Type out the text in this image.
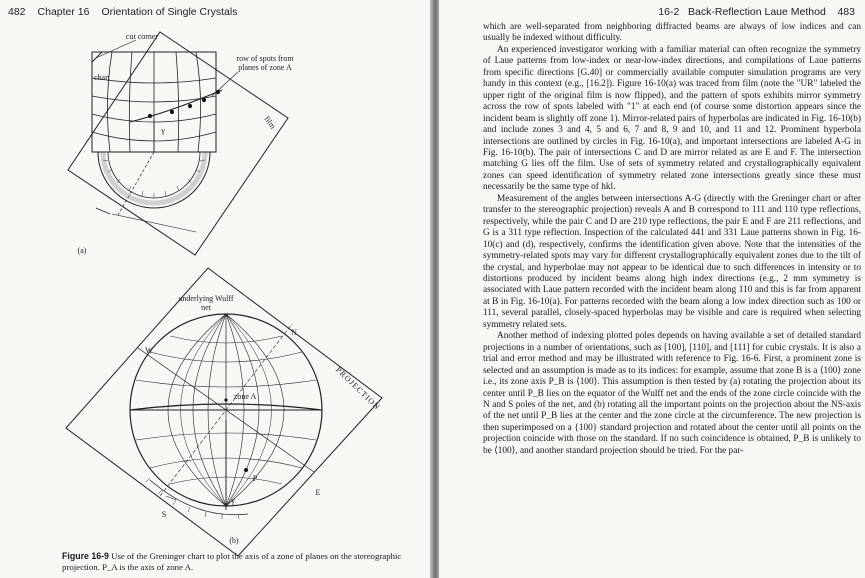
482 Chapter 16 Orientation of Single Crystals
cut corner
row of spots from planes of zone A
chart
film
γ
(a)
underlying Wulff net
zone A	PROJECTION
N
W
E
S
P
γ
(b)
Figure 16-9 Use of the Greninger chart to plot the axis of a zone of planes on the stereographic projection. P_A is the axis of zone A.
16-2 Back-Reflection Laue Method 483

which are well-separated from neighboring diffracted beams are always of low indices and can usually be indexed without difficulty.

An experienced investigator working with a familiar material can often recognize the symmetry of Laue patterns from low-index or near-low-index directions, and compilations of Laue patterns from specific directions [G.40] or commercially available computer simulation programs are very handy in this context (e.g., [16.2]). Figure 16-10(a) was traced from film (note the "UR" labeled the upper right of the original film is now flipped), and the pattern of spots exhibits mirror symmetry across the row of spots labeled with "1" at each end (of course some distortion appears since the incident beam is slightly off zone 1). Mirror-related pairs of hyperbolas are indicated in Fig. 16-10(b) and include zones 3 and 4, 5 and 6, 7 and 8, 9 and 10, and 11 and 12. Prominent hyperbola intersections are outlined by circles in Fig. 16-10(a), and important intersections are labeled A-G in Fig. 16-10(b). The pair of intersections C and D are mirror related as are E and F. The intersection matching G lies off the film. Use of sets of symmetry related and crystallographically equivalent zones can speed identification of symmetry related zone intersections greatly since these must necessarily be the same type of hkl.

Measurement of the angles between intersections A-G (directly with the Greninger chart or after transfer to the stereographic projection) reveals A and B correspond to 111 and 110 type reflections, respectively, while the pair C and D are 210 type reflections, the pair E and F are 211 reflections, and G is a 311 type reflection. Inspection of the calculated 441 and 331 Laue patterns shown in Fig. 16-10(c) and (d), respectively, confirms the identification given above. Note that the intensities of the symmetry-related spots may vary for different crystallographically equivalent zones due to the tilt of the crystal, and hyperbolae may not appear to be identical due to such differences in intensity or to distortions produced by incident beams along high index directions (e.g., 2 mm symmetry is associated with Laue pattern recorded with the incident beam along 110 and this is far from apparent at B in Fig. 16-10(a). For patterns recorded with the beam along a low index direction such as 100 or 111, several parallel, closely-spaced hyperbolas may be visible and care is required when selecting symmetry related sets.

Another method of indexing plotted poles depends on having available a set of detailed standard projections in a number of orientations, such as [100], [110], and [111] for cubic crystals. It is also a trial and error method and may be illustrated with reference to Fig. 16-6. First, a prominent zone is selected and an assumption is made as to its indices: for example, assume that zone B is a ⟨100⟩ zone i.e., its zone axis P_B is ⟨100⟩. This assumption is then tested by (a) rotating the projection about its center until P_B lies on the equator of the Wulff net and the ends of the zone circle coincide with the N and S poles of the net, and (b) rotating all the important points on the projection about the NS-axis of the net until P_B lies at the center and the zone circle at the circumference. The new projection is then superimposed on a {100} standard projection and rotated about the center until all points on the projection coincide with those on the standard. If no such coincidence is obtained, P_B is unlikely to be ⟨100⟩, and another standard projection should be tried. For the par-
